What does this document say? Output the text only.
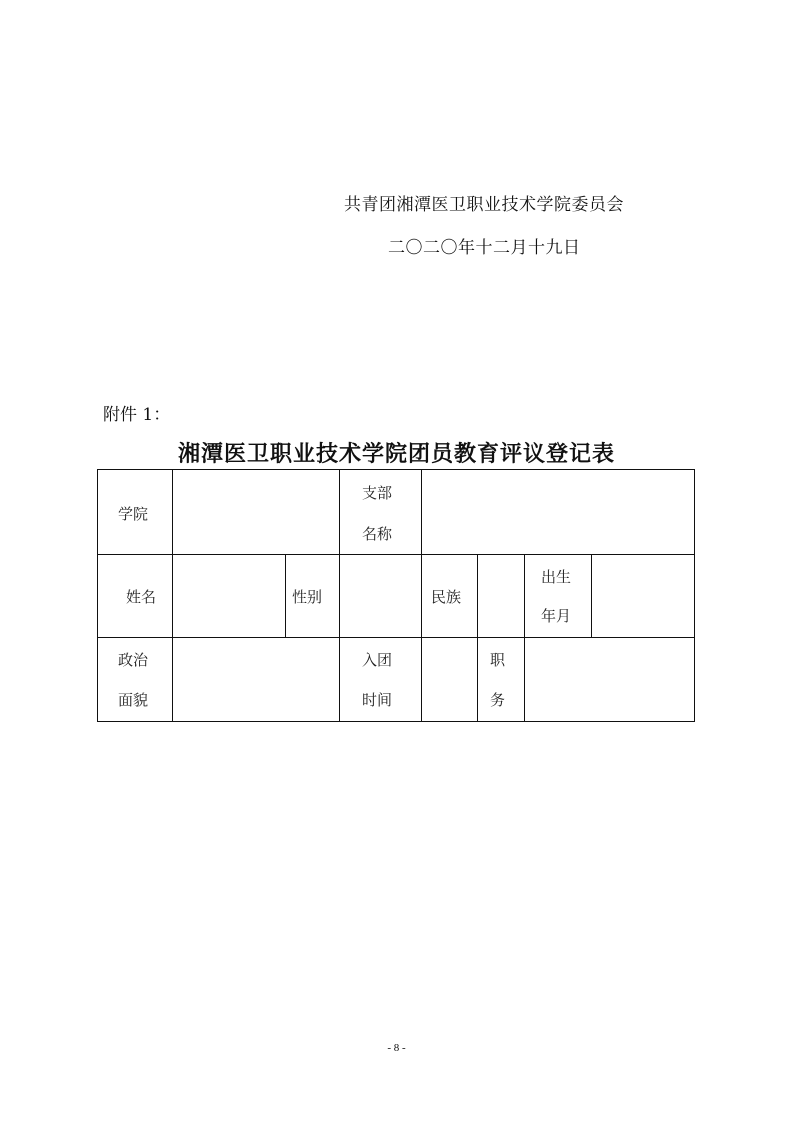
共青团湘潭医卫职业技术学院委员会
二〇二〇年十二月十九日
附件 1：
湘潭医卫职业技术学院团员教育评议登记表
学院
支部
名称
姓名	性别	民族
出生
年月
政治
面貌
入团
时间
职
务
- 8 -
